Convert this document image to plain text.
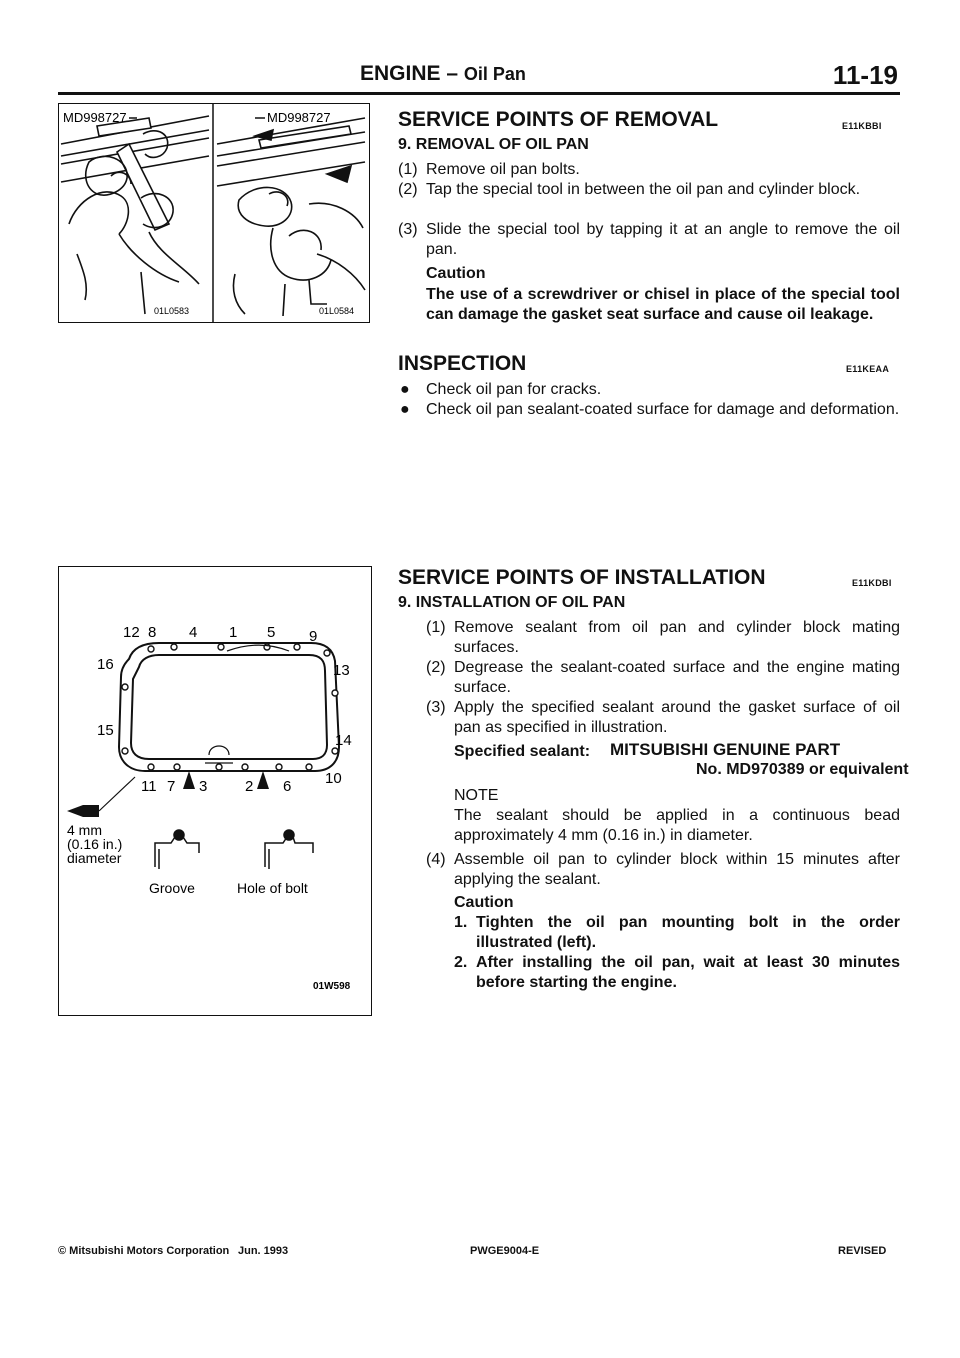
ENGINE – Oil Pan	11-19
MD998727
01L0583
MD998727
01L0584
SERVICE POINTS OF REMOVAL	E11KBBI
9. REMOVAL OF OIL PAN
(1) Remove oil pan bolts.
(2) Tap the special tool in between the oil pan and cylinder block.
(3) Slide the special tool by tapping it at an angle to remove the oil pan.
Caution
The use of a screwdriver or chisel in place of the special tool can damage the gasket seat surface and cause oil leakage.
INSPECTION	E11KEAA
● Check oil pan for cracks.
● Check oil pan sealant-coated surface for damage and deformation.
12 8 4 1 5 9
13
16
15
14
11 7 3	2 6 10
4 mm
(0.16 in.)
diameter
Groove	Hole of bolt
01W598
SERVICE POINTS OF INSTALLATION	E11KDBI
9. INSTALLATION OF OIL PAN
(1) Remove sealant from oil pan and cylinder block mating surfaces.
(2) Degrease the sealant-coated surface and the engine mating surface.
(3) Apply the specified sealant around the gasket surface of oil pan as specified in illustration.
Specified sealant: MITSUBISHI GENUINE PART
No. MD970389 or equivalent
NOTE
The sealant should be applied in a continuous bead approximately 4 mm (0.16 in.) in diameter.
(4) Assemble oil pan to cylinder block within 15 minutes after applying the sealant.
Caution
1. Tighten the oil pan mounting bolt in the order illustrated (left).
2. After installing the oil pan, wait at least 30 minutes before starting the engine.
© Mitsubishi Motors Corporation Jun. 1993	PWGE9004-E	REVISED
